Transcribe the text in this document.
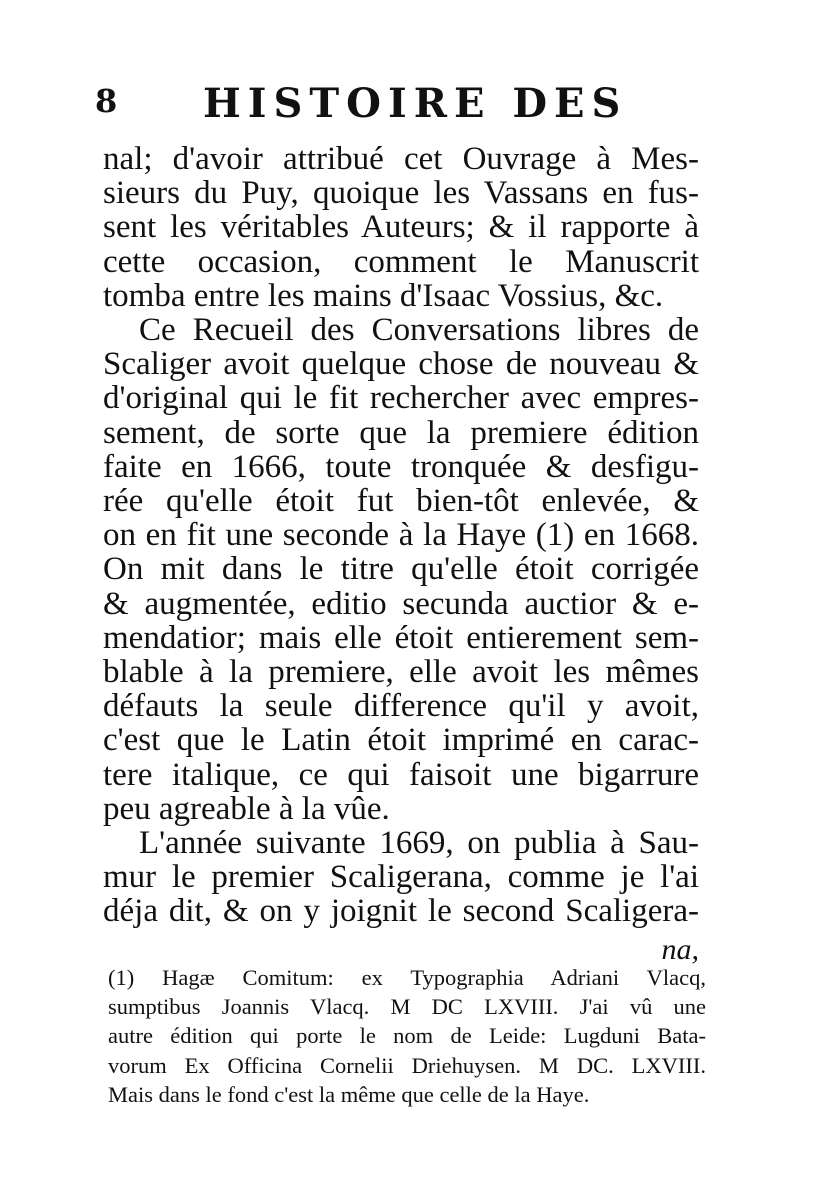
8 HISTOIRE DES
nal; d'avoir attribué cet Ouvrage à Mes-
sieurs du Puy, quoique les Vassans en fus-
sent les véritables Auteurs; & il rapporte à
cette occasion, comment le Manuscrit
tomba entre les mains d'Isaac Vossius, &c.
Ce Recueil des Conversations libres de
Scaliger avoit quelque chose de nouveau &
d'original qui le fit rechercher avec empres-
sement, de sorte que la premiere édition
faite en 1666, toute tronquée & desfigu-
rée qu'elle étoit fut bien-tôt enlevée, &
on en fit une seconde à la Haye (1) en 1668.
On mit dans le titre qu'elle étoit corrigée
& augmentée, editio secunda auctior & e-
mendatior; mais elle étoit entierement sem-
blable à la premiere, elle avoit les mêmes
défauts la seule difference qu'il y avoit,
c'est que le Latin étoit imprimé en carac-
tere italique, ce qui faisoit une bigarrure
peu agreable à la vûe.
L'année suivante 1669, on publia à Sau-
mur le premier Scaligerana, comme je l'ai
déja dit, & on y joignit le second Scaligera-
na,
(1) Hagæ Comitum: ex Typographia Adriani Vlacq,
sumptibus Joannis Vlacq. M DC LXVIII. J'ai vû une
autre édition qui porte le nom de Leide: Lugduni Bata-
vorum Ex Officina Cornelii Driehuysen. M DC. LXVIII.
Mais dans le fond c'est la même que celle de la Haye.
